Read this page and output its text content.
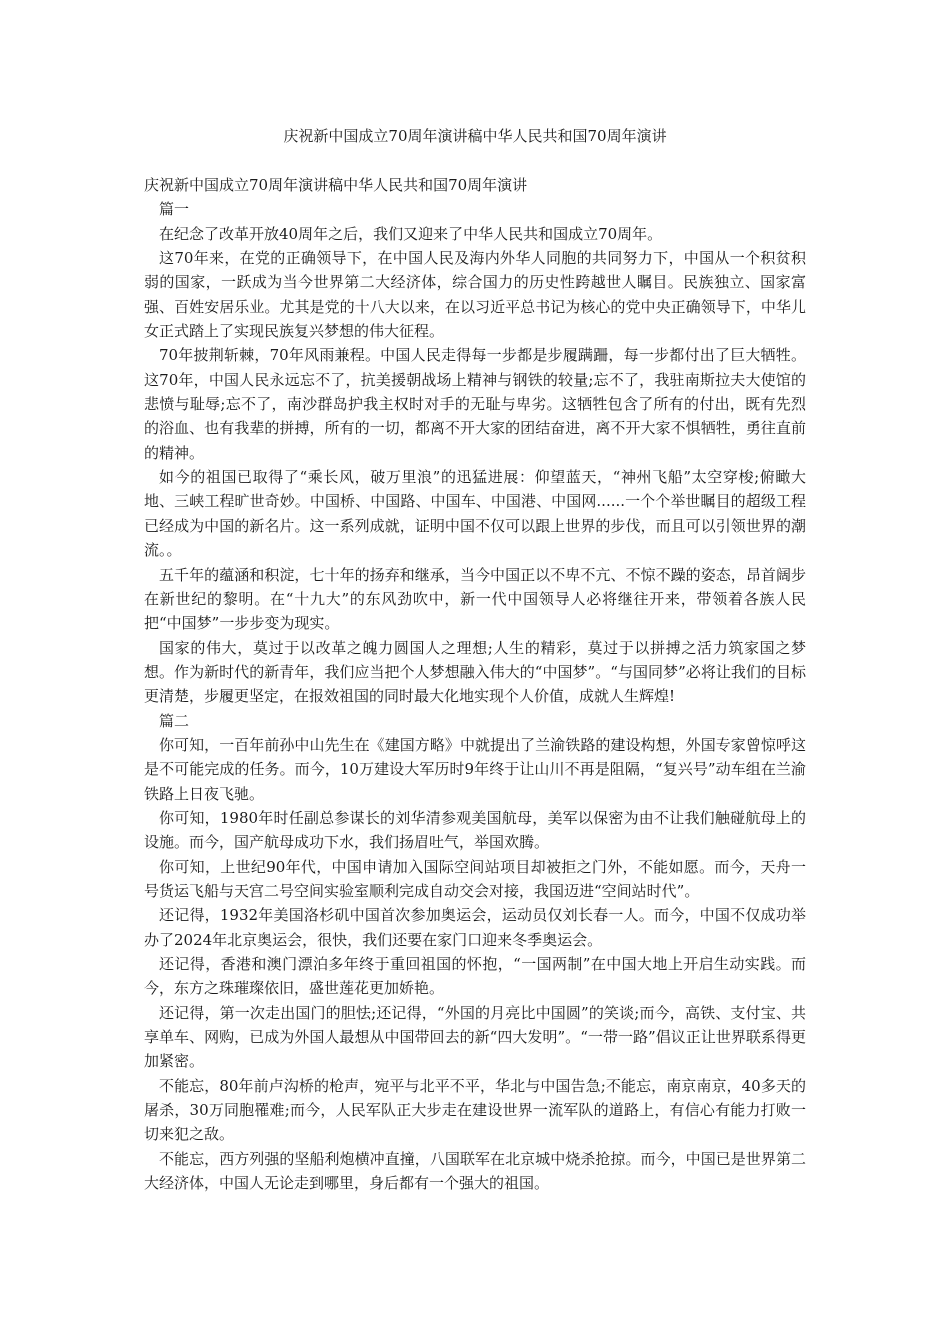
庆祝新中国成立70周年演讲稿中华人民共和国70周年演讲

庆祝新中国成立70周年演讲稿中华人民共和国70周年演讲

篇一

在纪念了改革开放40周年之后，我们又迎来了中华人民共和国成立70周年。

这70年来，在党的正确领导下，在中国人民及海内外华人同胞的共同努力下，中国从一个积贫积弱的国家，一跃成为当今世界第二大经济体，综合国力的历史性跨越世人瞩目。民族独立、国家富强、百姓安居乐业。尤其是党的十八大以来，在以习近平总书记为核心的党中央正确领导下，中华儿女正式踏上了实现民族复兴梦想的伟大征程。

70年披荆斩棘，70年风雨兼程。中国人民走得每一步都是步履蹒跚，每一步都付出了巨大牺牲。这70年，中国人民永远忘不了，抗美援朝战场上精神与钢铁的较量;忘不了，我驻南斯拉夫大使馆的悲愤与耻辱;忘不了，南沙群岛护我主权时对手的无耻与卑劣。这牺牲包含了所有的付出，既有先烈的浴血、也有我辈的拼搏，所有的一切，都离不开大家的团结奋进，离不开大家不惧牺牲，勇往直前的精神。

如今的祖国已取得了“乘长风，破万里浪”的迅猛进展：仰望蓝天，“神州飞船”太空穿梭;俯瞰大地、三峡工程旷世奇妙。中国桥、中国路、中国车、中国港、中国网......一个个举世瞩目的超级工程已经成为中国的新名片。这一系列成就，证明中国不仅可以跟上世界的步伐，而且可以引领世界的潮流。。

五千年的蕴涵和积淀，七十年的扬弃和继承，当今中国正以不卑不亢、不惊不躁的姿态，昂首阔步在新世纪的黎明。在“十九大”的东风劲吹中，新一代中国领导人必将继往开来，带领着各族人民把“中国梦”一步步变为现实。

国家的伟大，莫过于以改革之魄力圆国人之理想;人生的精彩，莫过于以拼搏之活力筑家国之梦想。作为新时代的新青年，我们应当把个人梦想融入伟大的“中国梦”。“与国同梦”必将让我们的目标更清楚，步履更坚定，在报效祖国的同时最大化地实现个人价值，成就人生辉煌!

篇二

你可知，一百年前孙中山先生在《建国方略》中就提出了兰渝铁路的建设构想，外国专家曾惊呼这是不可能完成的任务。而今，10万建设大军历时9年终于让山川不再是阻隔，“复兴号”动车组在兰渝铁路上日夜飞驰。

你可知，1980年时任副总参谋长的刘华清参观美国航母，美军以保密为由不让我们触碰航母上的设施。而今，国产航母成功下水，我们扬眉吐气，举国欢腾。

你可知，上世纪90年代，中国申请加入国际空间站项目却被拒之门外，不能如愿。而今，天舟一号货运飞船与天宫二号空间实验室顺利完成自动交会对接，我国迈进“空间站时代”。

还记得，1932年美国洛杉矶中国首次参加奥运会，运动员仅刘长春一人。而今，中国不仅成功举办了2024年北京奥运会，很快，我们还要在家门口迎来冬季奥运会。

还记得，香港和澳门漂泊多年终于重回祖国的怀抱，“一国两制”在中国大地上开启生动实践。而今，东方之珠璀璨依旧，盛世莲花更加娇艳。

还记得，第一次走出国门的胆怯;还记得，“外国的月亮比中国圆”的笑谈;而今，高铁、支付宝、共享单车、网购，已成为外国人最想从中国带回去的新“四大发明”。“一带一路”倡议正让世界联系得更加紧密。

不能忘，80年前卢沟桥的枪声，宛平与北平不平，华北与中国告急;不能忘，南京南京，40多天的屠杀，30万同胞罹难;而今，人民军队正大步走在建设世界一流军队的道路上，有信心有能力打败一切来犯之敌。

不能忘，西方列强的坚船利炮横冲直撞，八国联军在北京城中烧杀抢掠。而今，中国已是世界第二大经济体，中国人无论走到哪里，身后都有一个强大的祖国。
